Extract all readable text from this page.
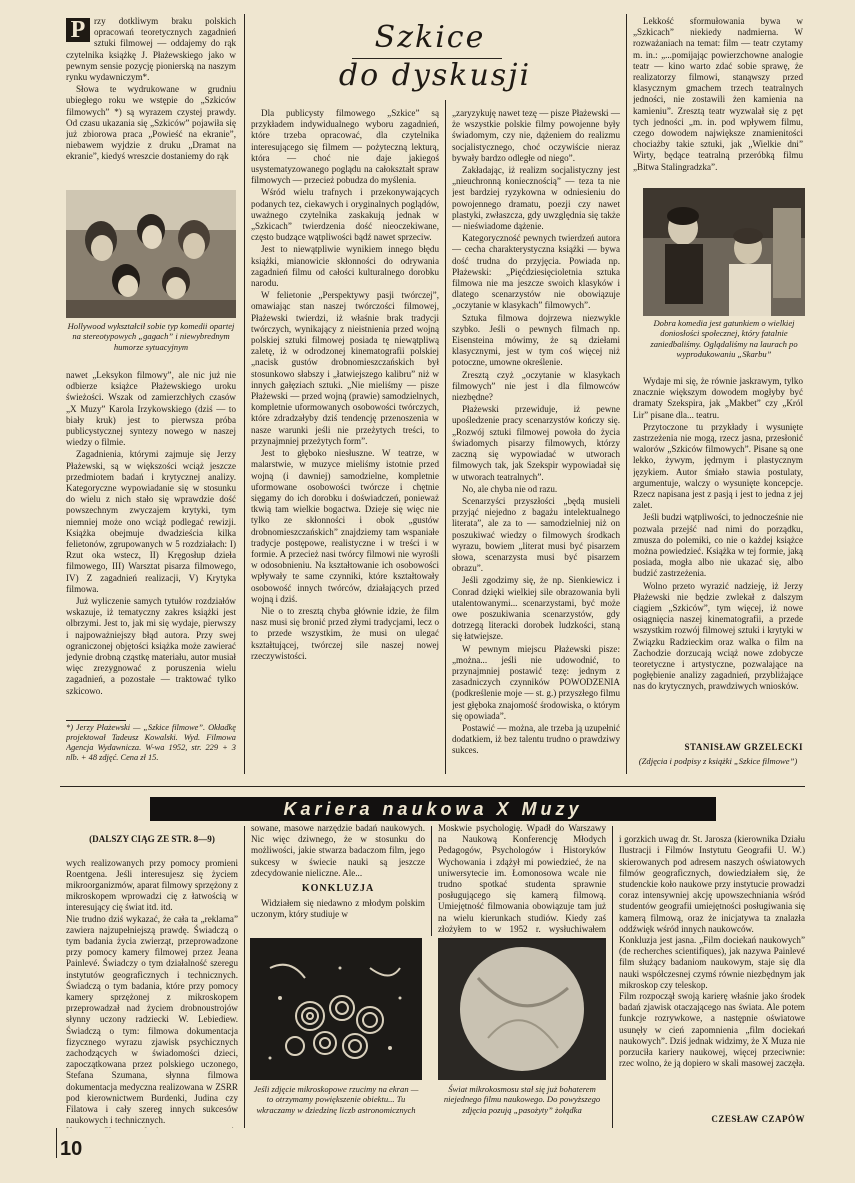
Szkice
do dyskusji

P rzy dotkliwym braku polskich opracowań teoretycznych zagadnień sztuki filmowej — oddajemy do rąk czytelnika książkę J. Płażewskiego jako w pewnym sensie pozycję pionierską na naszym rynku wydawniczym*.

Słowa te wydrukowane w grudniu ubiegłego roku we wstępie do „Szkiców filmowych” *) są wyrazem czystej prawdy. Od czasu ukazania się „Szkiców” pojawiła się już zbiorowa praca „Powieść na ekranie”, niebawem wyjdzie z druku „Dramat na ekranie”, kiedyś wreszcie dostaniemy do rąk

Hollywood wykształcił sobie typ komedii opartej na stereotypowych „gagach” i niewybrednym humorze sytuacyjnym

nawet „Leksykon filmowy”, ale nic już nie odbierze książce Płażewskiego uroku świeżości. Wszak od zamierzchłych czasów „X Muzy” Karola Irzykowskiego (dziś — to biały kruk) jest to pierwsza próba publicystycznej syntezy nowego w naszej wiedzy o filmie.

Zagadnienia, którymi zajmuje się Jerzy Płażewski, są w większości wciąż jeszcze przedmiotem badań i krytycznej analizy. Kategoryczne wypowiadanie się w stosunku do wielu z nich stało się wprawdzie dość powszechnym zwyczajem krytyki, tym niemniej może ono wciąż podlegać rewizji. Książka obejmuje dwadzieścia kilka felietonów, zgrupowanych w 5 rozdziałach: I) Rzut oka wstecz, II) Kręgosłup dzieła filmowego, III) Warsztat pisarza filmowego, IV) Z zagadnień realizacji, V) Krytyka filmowa.

Już wyliczenie samych tytułów rozdziałów wskazuje, iż tematyczny zakres książki jest olbrzymi. Jest to, jak mi się wydaje, pierwszy i najpoważniejszy błąd autora. Przy swej ograniczonej objętości książka może zawierać jedynie drobną cząstkę materiału, autor musiał więc zrezygnować z poruszenia wielu zagadnień, a pozostałe — traktować tylko szkicowo.

*) Jerzy Płażewski — „Szkice filmowe”. Okładkę projektował Tadeusz Kowalski. Wyd. Filmowa Agencja Wydawnicza. W-wa 1952, str. 229 + 3 nlb. + 48 zdjęć. Cena zł 15.

Dla publicysty filmowego „Szkice” są przykładem indywidualnego wyboru zagadnień, które trzeba opracować, dla czytelnika interesującego się filmem — pożyteczną lekturą, która — choć nie daje jakiegoś usystematyzowanego poglądu na całokształt spraw filmowych — przecież pobudza do myślenia.

Wśród wielu trafnych i przekonywających podanych tez, ciekawych i oryginalnych poglądów, uważnego czytelnika zaskakują jednak w „Szkicach” twierdzenia dość nieoczekiwane, często budzące wątpliwości bądź nawet sprzeciw.

Jest to niewątpliwie wynikiem innego błędu książki, mianowicie skłonności do odrywania zagadnień filmu od całości kulturalnego dorobku narodu.

W felietonie „Perspektywy pasji twórczej”, omawiając stan naszej twórczości filmowej, Płażewski twierdzi, iż właśnie brak tradycji twórczych, wynikający z nieistnienia przed wojną polskiej sztuki filmowej posiada tę niewątpliwą zaletę, iż w odrodzonej kinematografii polskiej „nacisk gustów drobnomieszczańskich był stosunkowo słabszy i „łatwiejszego kalibru” niż w innych gałęziach sztuki. „Nie mieliśmy — pisze Płażewski — przed wojną (prawie) samodzielnych, kompletnie uformowanych osobowości twórczych, które zdradzałyby dziś tendencję przenoszenia w nasze warunki jeśli nie przeżytych treści, to przynajmniej przeżytych form”.

Jest to głęboko niesłuszne. W teatrze, w malarstwie, w muzyce mieliśmy istotnie przed wojną (i dawniej) samodzielne, kompletnie uformowane osobowości twórcze i chętnie sięgamy do ich dorobku i doświadczeń, ponieważ tkwią tam wielkie bogactwa. Dzieje się więc nie tylko ze skłonności i obok „gustów drobnomieszczańskich” znajdziemy tam wspaniałe tradycje postępowe, realistyczne i w treści i w formie. A przecież nasi twórcy filmowi nie wyrośli w odosobnieniu. Na kształtowanie ich osobowości wpływały te same czynniki, które kształtowały osobowość innych twórców, działających przed wojną i dziś.

Nie o to zresztą chyba głównie idzie, że film nasz musi się bronić przed złymi tradycjami, lecz o to przede wszystkim, że musi on ulegać kształtującej, twórczej sile naszej nowej rzeczywistości.

„zaryzykuję nawet tezę — pisze Płażewski — że wszystkie polskie filmy powojenne były świadomym, czy nie, dążeniem do realizmu socjalistycznego, choć oczywiście nieraz bywały bardzo odległe od niego”.

Zakładając, iż realizm socjalistyczny jest „nieuchronną koniecznością” — teza ta nie jest bardziej ryzykowna w odniesieniu do powojennego dramatu, poezji czy nawet plastyki, zwłaszcza, gdy uwzględnia się także — nieświadome dążenie.

Kategoryczność pewnych twierdzeń autora — cecha charakterystyczna książki — bywa dość trudna do przyjęcia. Powiada np. Płażewski: „Pięćdziesięcioletnia sztuka filmowa nie ma jeszcze swoich klasyków i dlatego scenarzystów nie obowiązuje „oczytanie w klasykach” filmowych”.

Sztuka filmowa dojrzewa niezwykle szybko. Jeśli o pewnych filmach np. Eisensteina mówimy, że są dziełami klasycznymi, jest w tym coś więcej niż potoczne, umowne określenie.

Zresztą czyż „oczytanie w klasykach filmowych” nie jest i dla filmowców niezbędne?

Płażewski przewiduje, iż pewne upośledzenie pracy scenarzystów kończy się. „Rozwój sztuki filmowej powoła do życia świadomych pisarzy filmowych, którzy zaczną się wypowiadać w utworach filmowych tak, jak Szekspir wypowiadał się w utworach teatralnych”.

No, ale chyba nie od razu.

Scenarzyści przyszłości „będą musieli przyjąć niejedno z bagażu intelektualnego literata”, ale za to — samodzielniej niż on poszukiwać wiedzy o filmowych środkach wyrazu, bowiem „literat musi być pisarzem słowa, scenarzysta musi być pisarzem obrazu”.

Jeśli zgodzimy się, że np. Sienkiewicz i Conrad dzięki wielkiej sile obrazowania byli utalentowanymi... scenarzystami, być może owe poszukiwania scenarzystów, gdy dotrzegą literacki dorobek ludzkości, staną się łatwiejsze.

W pewnym miejscu Płażewski pisze: „można... jeśli nie udowodnić, to przynajmniej postawić tezę: jednym z zasadniczych czynników POWODZENIA (podkreślenie moje — st. g.) przyszłego filmu jest głęboka znajomość środowiska, o którym się opowiada”.

Postawić — można, ale trzeba ją uzupełnić dodatkiem, iż bez talentu trudno o prawdziwy sukces.

Lekkość sformułowania bywa w „Szkicach” niekiedy nadmierna. W rozważaniach na temat: film — teatr czytamy m. in.: „...pomijając powierzchowne analogie teatr — kino warto zdać sobie sprawę, że realizatorzy filmowi, stanąwszy przed klasycznym gmachem trzech teatralnych jedności, nie zostawili żen kamienia na kamieniu”. Zresztą teatr wyzwalał się z pęt tych jedności „m. in. pod wpływem filmu, czego dowodem największe znamienitości chociażby takie sztuki, jak „Wielkie dni” Wirty, będące teatralną przeróbką filmu „Bitwa Stalingradzka”.

Dobra komedia jest gatunkiem o wielkiej doniosłości społecznej, który fatalnie zaniedbaliśmy. Oglądaliśmy na laurach po wyprodukowaniu „Skarbu”

Wydaje mi się, że równie jaskrawym, tylko znacznie większym dowodem mogłyby być dramaty Szekspira, jak „Makbet” czy „Król Lir” pisane dla... teatru.

Przytoczone tu przykłady i wysunięte zastrzeżenia nie mogą, rzecz jasna, przesłonić walorów „Szkiców filmowych”. Pisane są one lekko, żywym, jędrnym i plastycznym językiem. Autor śmiało stawia postulaty, argumentuje, walczy o wysunięte koncepcje. Rzecz napisana jest z pasją i jest to jedna z jej zalet.

Jeśli budzi wątpliwości, to jednocześnie nie pozwala przejść nad nimi do porządku, zmusza do polemiki, co nie o każdej książce można powiedzieć. Książka w tej formie, jaką posiada, mogła albo nie ukazać się, albo budzić zastrzeżenia.

Wolno przeto wyrazić nadzieję, iż Jerzy Płażewski nie będzie zwlekał z dalszym ciągiem „Szkiców”, tym więcej, iż nowe osiągnięcia naszej kinematografii, a przede wszystkim rozwój filmowej sztuki i krytyki w Związku Radzieckim oraz walka o film na Zachodzie dorzucają wciąż nowe zdobycze teoretyczne i artystyczne, pozwalające na pogłębienie analizy zagadnień, przybliżające nas do krytycznych, prawdziwych wniosków.

STANISŁAW GRZELECKI
(Zdjęcia i podpisy z książki „Szkice filmowe”)
Kariera naukowa X Muzy

(DALSZY CIĄG ZE STR. 8—9)

wych realizowanych przy pomocy promieni Roentgena. Jeśli interesujesz się życiem mikroorganizmów, aparat filmowy sprzężony z mikroskopem wprowadzi cię z łatwością w interesujący cię świat itd. itd.
Nie trudno dziś wykazać, że cała ta „reklama” zawiera najzupełniejszą prawdę. Świadczą o tym badania życia zwierząt, przeprowadzone przy pomocy kamery filmowej przez Jeana Painlevé. Świadczy o tym działalność szeregu instytutów geograficznych i technicznych. Świadczą o tym badania, które przy pomocy kamery sprzężonej z mikroskopem przeprowadzał nad życiem drobnoustrojów słynny uczony radziecki W. Lebiediew. Świadczą o tym: filmowa dokumentacja fizycznego wyrazu zjawisk psychicznych zachodzących w świadomości dzieci, zapoczątkowana przez polskiego uczonego, Stefana Szumana, słynna filmowa dokumentacja medyczna realizowana w ZSRR pod kierownictwem Burdenki, Judina czy Filatowa i cały szereg innych sukcesów naukowych i technicznych.

sowane, masowe narzędzie badań naukowych. Nic więc dziwnego, że w stosunku do możliwości, jakie stwarza badaczom film, jego sukcesy w świecie nauki są jeszcze zdecydowanie nieliczne. Ale...

KONKLUZJA

Widziałem się niedawno z młodym polskim uczonym, który studiuje w

Moskwie psychologię. Wpadł do Warszawy na Naukową Konferencję Młodych Pedagogów, Psychologów i Historyków Wychowania i zdążył mi powiedzieć, że na uniwersytecie im. Łomonosowa wcale nie trudno spotkać studenta sprawnie posługującego się kamerą filmową. Umiejętność filmowania obowiązuje tam już na wielu kierunkach studiów. Kiedy zaś złożyłem to w 1952 r. wysłuchiwałem

i gorzkich uwag dr. St. Jarosza (kierownika Działu Ilustracji i Filmów Instytutu Geografii U. W.) skierowanych pod adresem naszych oświatowych filmów geograficznych, dowiedziałem się, że studenckie koło naukowe przy instytucie prowadzi coraz intensywniej akcję upowszechniania wśród studentów geografii umiejętności posługiwania się kamerą filmową, oraz że inicjatywa ta znalazła oddźwięk wśród innych naukowców.
Konkluzja jest jasna. „Film dociekań naukowych” (de recherches scientifiques), jak nazywa Painlevé film służący badaniom naukowym, staje się dla nauki współczesnej czymś równie niezbędnym jak mikroskop czy teleskop.
Film rozpoczął swoją karierę właśnie jako środek badań zjawisk otaczającego nas świata. Ale potem funkcje rozrywkowe, a następnie oświatowe usunęły w cień zapomnienia „film dociekań naukowych”. Dziś jednak widzimy, że X Muza nie porzuciła kariery naukowej, więcej przeciwnie: rzec wolno, że ją dopiero w skali masowej zaczęła.

CZESŁAW CZAPÓW
Jeśli zdjęcie mikroskopowe rzucimy na ekran — to otrzymamy powiększenie obiektu... Tu wkraczamy w dziedzinę liczb astronomicznych
Świat mikrokosmosu stał się już bohaterem niejednego filmu naukowego. Do powyższego zdjęcia pozują „pasożyty” żołądka
10
